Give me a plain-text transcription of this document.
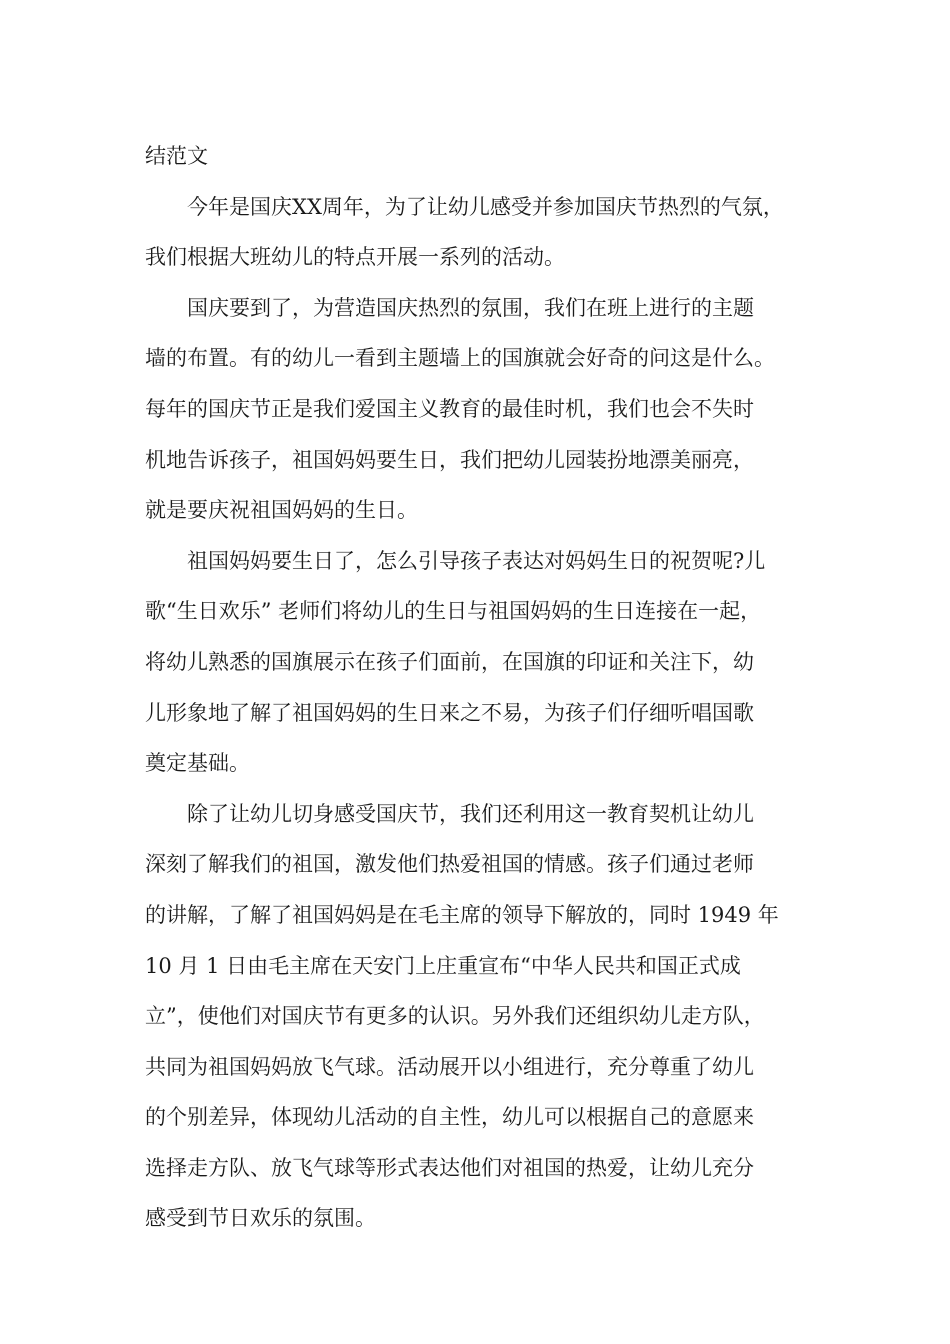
结范文
今年是国庆XX周年，为了让幼儿感受并参加国庆节热烈的气氛，
我们根据大班幼儿的特点开展一系列的活动。
国庆要到了，为营造国庆热烈的氛围，我们在班上进行的主题
墙的布置。有的幼儿一看到主题墙上的国旗就会好奇的问这是什么。
每年的国庆节正是我们爱国主义教育的最佳时机，我们也会不失时
机地告诉孩子，祖国妈妈要生日，我们把幼儿园装扮地漂美丽亮，
就是要庆祝祖国妈妈的生日。
祖国妈妈要生日了，怎么引导孩子表达对妈妈生日的祝贺呢?儿
歌“生日欢乐” 老师们将幼儿的生日与祖国妈妈的生日连接在一起，
将幼儿熟悉的国旗展示在孩子们面前，在国旗的印证和关注下，幼
儿形象地了解了祖国妈妈的生日来之不易，为孩子们仔细听唱国歌
奠定基础。
除了让幼儿切身感受国庆节，我们还利用这一教育契机让幼儿
深刻了解我们的祖国，激发他们热爱祖国的情感。孩子们通过老师
的讲解，了解了祖国妈妈是在毛主席的领导下解放的，同时 1949 年
10 月 1 日由毛主席在天安门上庄重宣布“中华人民共和国正式成
立”，使他们对国庆节有更多的认识。另外我们还组织幼儿走方队，
共同为祖国妈妈放飞气球。活动展开以小组进行，充分尊重了幼儿
的个别差异，体现幼儿活动的自主性，幼儿可以根据自己的意愿来
选择走方队、放飞气球等形式表达他们对祖国的热爱，让幼儿充分
感受到节日欢乐的氛围。
